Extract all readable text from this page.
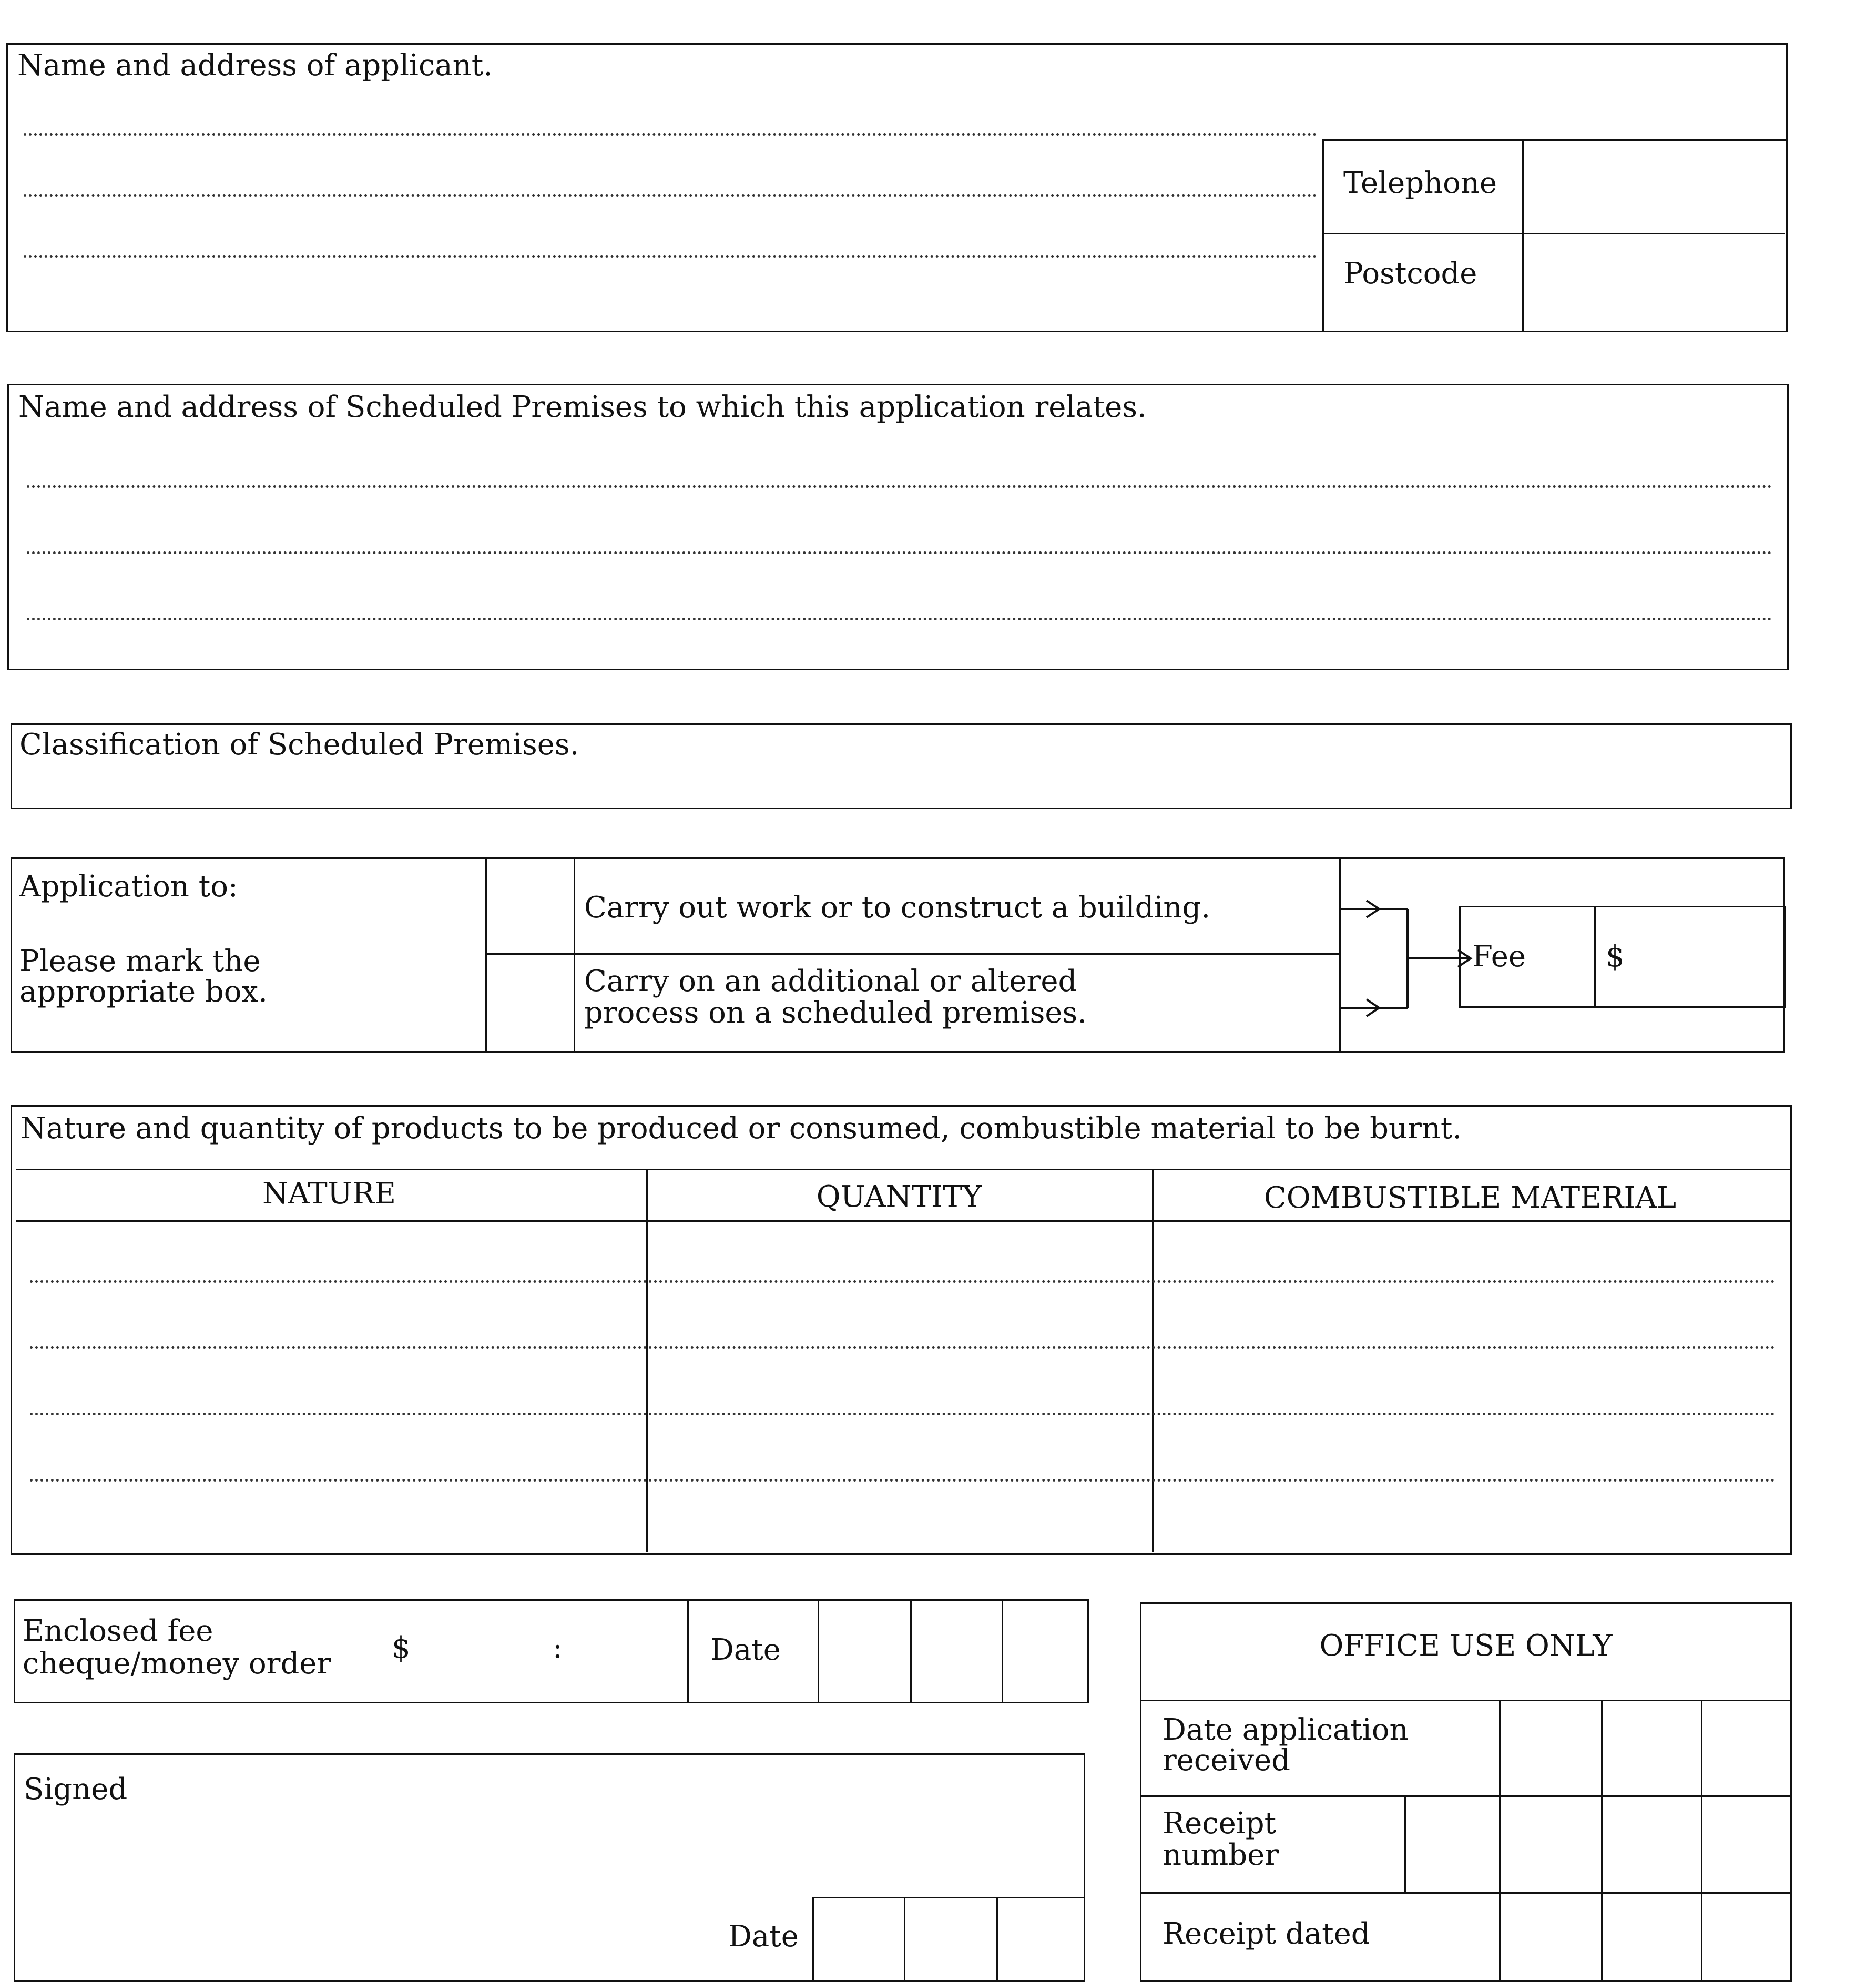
Name and address of applicant.
Telephone
Postcode
Name and address of Scheduled Premises to which this application relates.
Classification of Scheduled Premises.
Application to:
Please mark the
appropriate box.
Carry out work or to construct a building.
Carry on an additional or altered
process on a scheduled premises.
Fee	$
Nature and quantity of products to be produced or consumed, combustible material to be burnt.
NATURE	QUANTITY	COMBUSTIBLE MATERIAL
Enclosed fee
cheque/money order $	:	Date
Signed
Date
OFFICE USE ONLY
Date application
received
Receipt
number
Receipt dated
